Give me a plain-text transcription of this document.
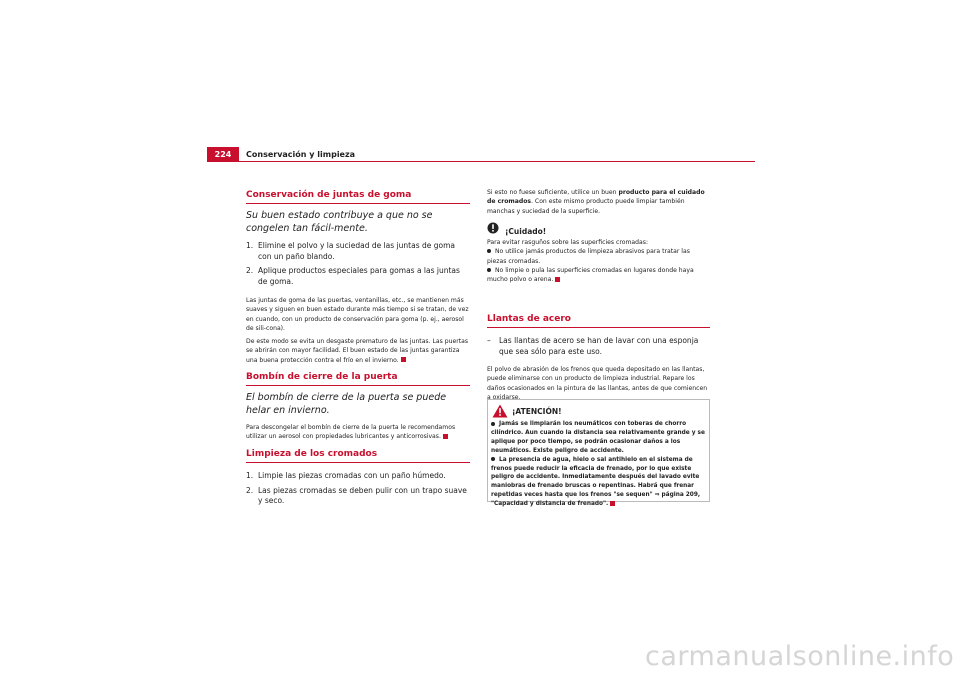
224 Conservación y limpieza
Conservación de juntas de goma
Su buen estado contribuye a que no se congelen tan fácil-mente.
1. Elimine el polvo y la suciedad de las juntas de goma con un paño blando.
2. Aplique productos especiales para gomas a las juntas de goma.
Las juntas de goma de las puertas, ventanillas, etc., se mantienen más suaves y siguen en buen estado durante más tiempo si se tratan, de vez en cuando, con un producto de conservación para goma (p. ej., aerosol de sili-cona).
De este modo se evita un desgaste prematuro de las juntas. Las puertas se abrirán con mayor facilidad. El buen estado de las juntas garantiza una buena protección contra el frío en el invierno.
Bombín de cierre de la puerta
El bombín de cierre de la puerta se puede helar en invierno.
Para descongelar el bombín de cierre de la puerta le recomendamos utilizar un aerosol con propiedades lubricantes y anticorrosivas.
Limpieza de los cromados
1. Limpie las piezas cromadas con un paño húmedo.
2. Las piezas cromadas se deben pulir con un trapo suave y seco.
Si esto no fuese suficiente, utilice un buen producto para el cuidado de cromados. Con este mismo producto puede limpiar también manchas y suciedad de la superficie.
¡Cuidado!
Para evitar rasguños sobre las superficies cromadas:
No utilice jamás productos de limpieza abrasivos para tratar las piezas cromadas.
No limpie o pula las superficies cromadas en lugares donde haya mucho polvo o arena.
Llantas de acero
– Las llantas de acero se han de lavar con una esponja que sea sólo para este uso.
El polvo de abrasión de los frenos que queda depositado en las llantas, puede eliminarse con un producto de limpieza industrial. Repare los daños ocasionados en la pintura de las llantas, antes de que comiencen a oxidarse.
¡ATENCIÓN!
Jamás se limpiarán los neumáticos con toberas de chorro cilíndrico. Aun cuando la distancia sea relativamente grande y se aplique por poco tiempo, se podrán ocasionar daños a los neumáticos. Existe peligro de accidente.
La presencia de agua, hielo o sal antihielo en el sistema de frenos puede reducir la eficacia de frenado, por lo que existe peligro de accidente. Inmediatamente después del lavado evite maniobras de frenado bruscas o repentinas. Habrá que frenar repetidas veces hasta que los frenos "se sequen" ⇒ página 209, "Capacidad y distancia de frenado".
carmanualsonline.info
